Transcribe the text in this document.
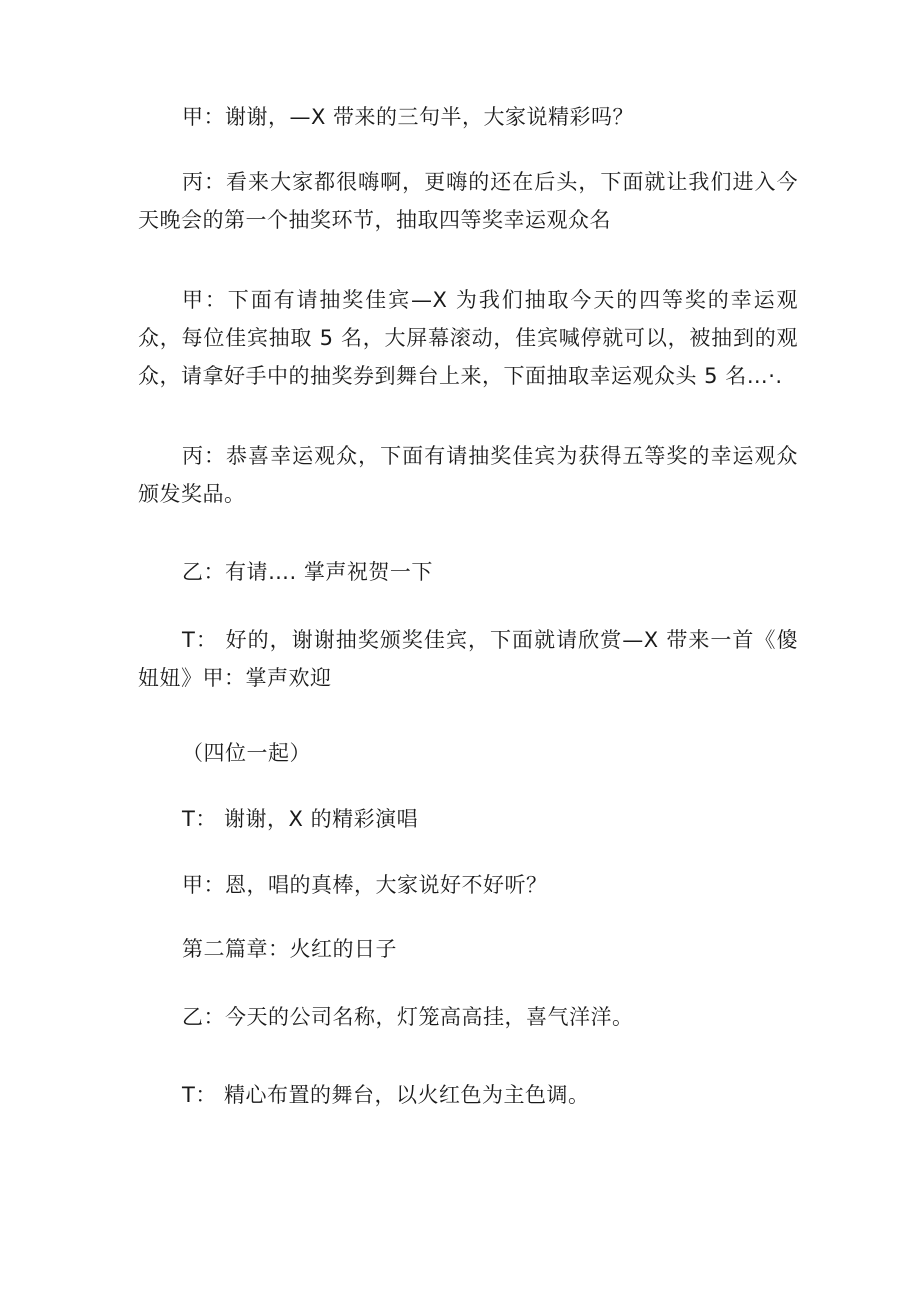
甲：谢谢，—X 带来的三句半，大家说精彩吗？

丙：看来大家都很嗨啊，更嗨的还在后头，下面就让我们进入今天晚会的第一个抽奖环节，抽取四等奖幸运观众名

甲：下面有请抽奖佳宾—X 为我们抽取今天的四等奖的幸运观众，每位佳宾抽取 5 名，大屏幕滚动，佳宾喊停就可以，被抽到的观众，请拿好手中的抽奖券到舞台上来，下面抽取幸运观众头 5 名…·.

丙：恭喜幸运观众，下面有请抽奖佳宾为获得五等奖的幸运观众颁发奖品。

乙：有请…. 掌声祝贺一下

T： 好的，谢谢抽奖颁奖佳宾，下面就请欣赏—X 带来一首《傻妞妞》甲：掌声欢迎

（四位一起）

T： 谢谢，X 的精彩演唱

甲：恩，唱的真棒，大家说好不好听？

第二篇章：火红的日子

乙：今天的公司名称，灯笼高高挂，喜气洋洋。

T： 精心布置的舞台，以火红色为主色调。
